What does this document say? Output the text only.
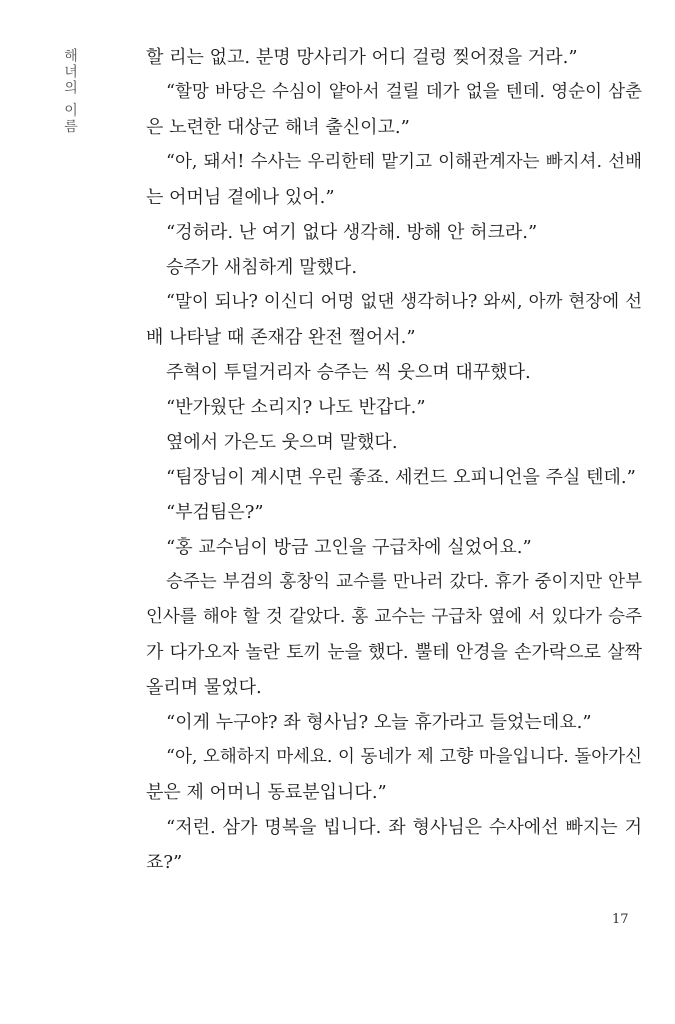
해녀의 이름	할 리는 없고. 분명 망사리가 어디 걸렁 찢어졌을 거라.”
“할망 바당은 수심이 얕아서 걸릴 데가 없을 텐데. 영순이 삼춘
은 노련한 대상군 해녀 출신이고.”
“아, 돼서! 수사는 우리한테 맡기고 이해관계자는 빠지셔. 선배
는 어머님 곁에나 있어.”
“겅허라. 난 여기 없다 생각해. 방해 안 허크라.”
승주가 새침하게 말했다.
“말이 되나? 이신디 어멍 없댄 생각허나? 와씨, 아까 현장에 선
배 나타날 때 존재감 완전 쩔어서.”
주혁이 투덜거리자 승주는 씩 웃으며 대꾸했다.
“반가웠단 소리지? 나도 반갑다.”
옆에서 가은도 웃으며 말했다.
“팀장님이 계시면 우린 좋죠. 세컨드 오피니언을 주실 텐데.”
“부검팀은?”
“홍 교수님이 방금 고인을 구급차에 실었어요.”
승주는 부검의 홍창익 교수를 만나러 갔다. 휴가 중이지만 안부
인사를 해야 할 것 같았다. 홍 교수는 구급차 옆에 서 있다가 승주
가 다가오자 놀란 토끼 눈을 했다. 뿔테 안경을 손가락으로 살짝
올리며 물었다.
“이게 누구야? 좌 형사님? 오늘 휴가라고 들었는데요.”
“아, 오해하지 마세요. 이 동네가 제 고향 마을입니다. 돌아가신
분은 제 어머니 동료분입니다.”
“저런. 삼가 명복을 빕니다. 좌 형사님은 수사에선 빠지는 거
죠?”
17
